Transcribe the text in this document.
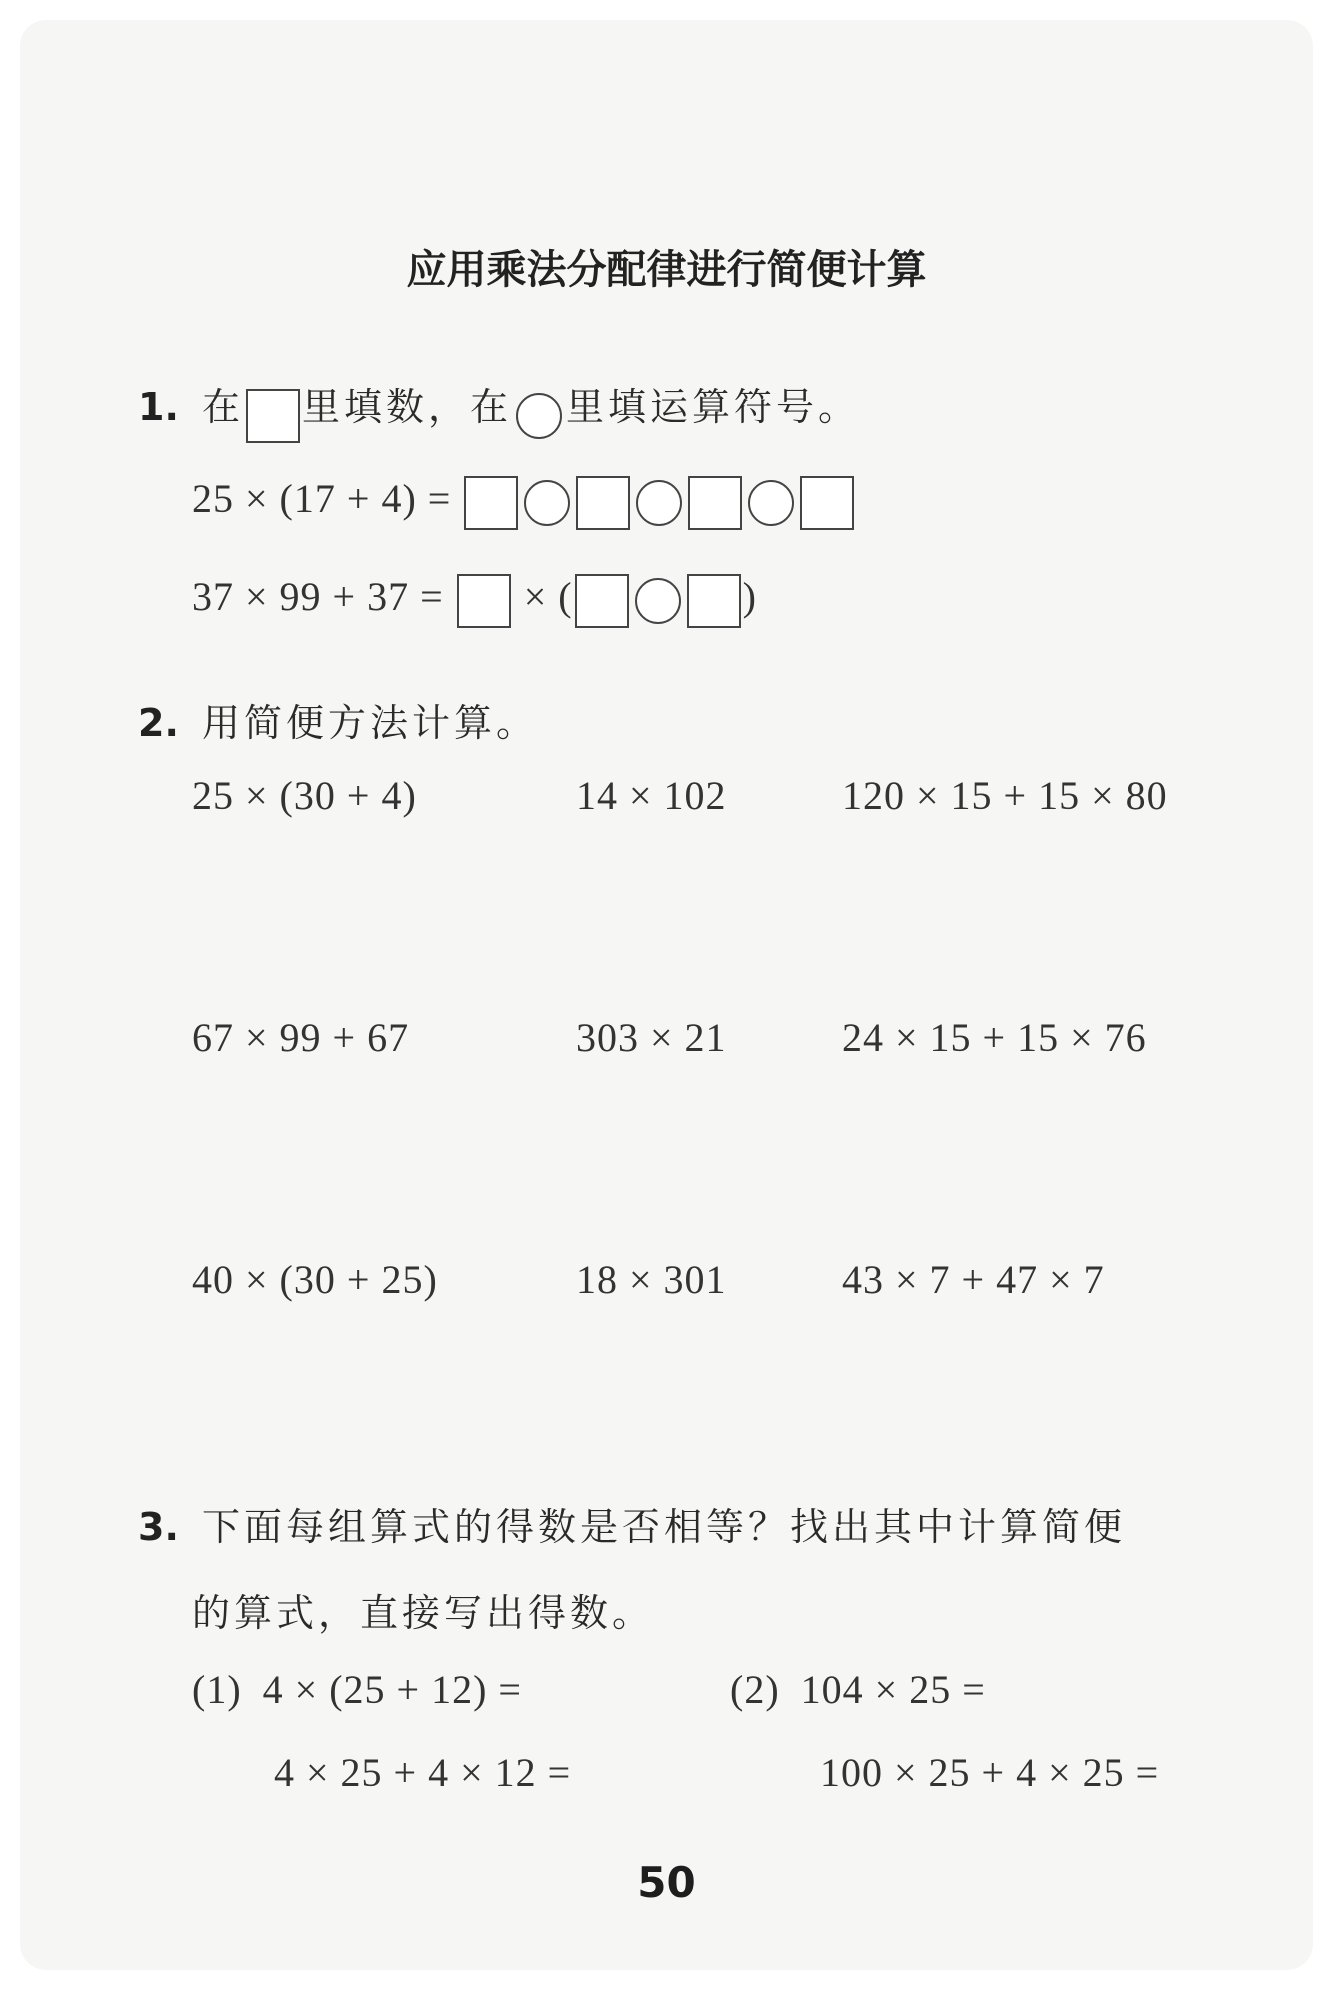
应用乘法分配律进行简便计算
1. 在 里填数，在 里填运算符号。
25 × (17 + 4) =
37 × 99 + 37 = × (	)
2. 用简便方法计算。
25 × (30 + 4)	14 × 102	120 × 15 + 15 × 80
67 × 99 + 67	303 × 21	24 × 15 + 15 × 76
40 × (30 + 25)	18 × 301	43 × 7 + 47 × 7
3. 下面每组算式的得数是否相等？找出其中计算简便
的算式，直接写出得数。
(1) 4 × (25 + 12) =
4 × 25 + 4 × 12 =
(2) 104 × 25 =
100 × 25 + 4 × 25 =
50
